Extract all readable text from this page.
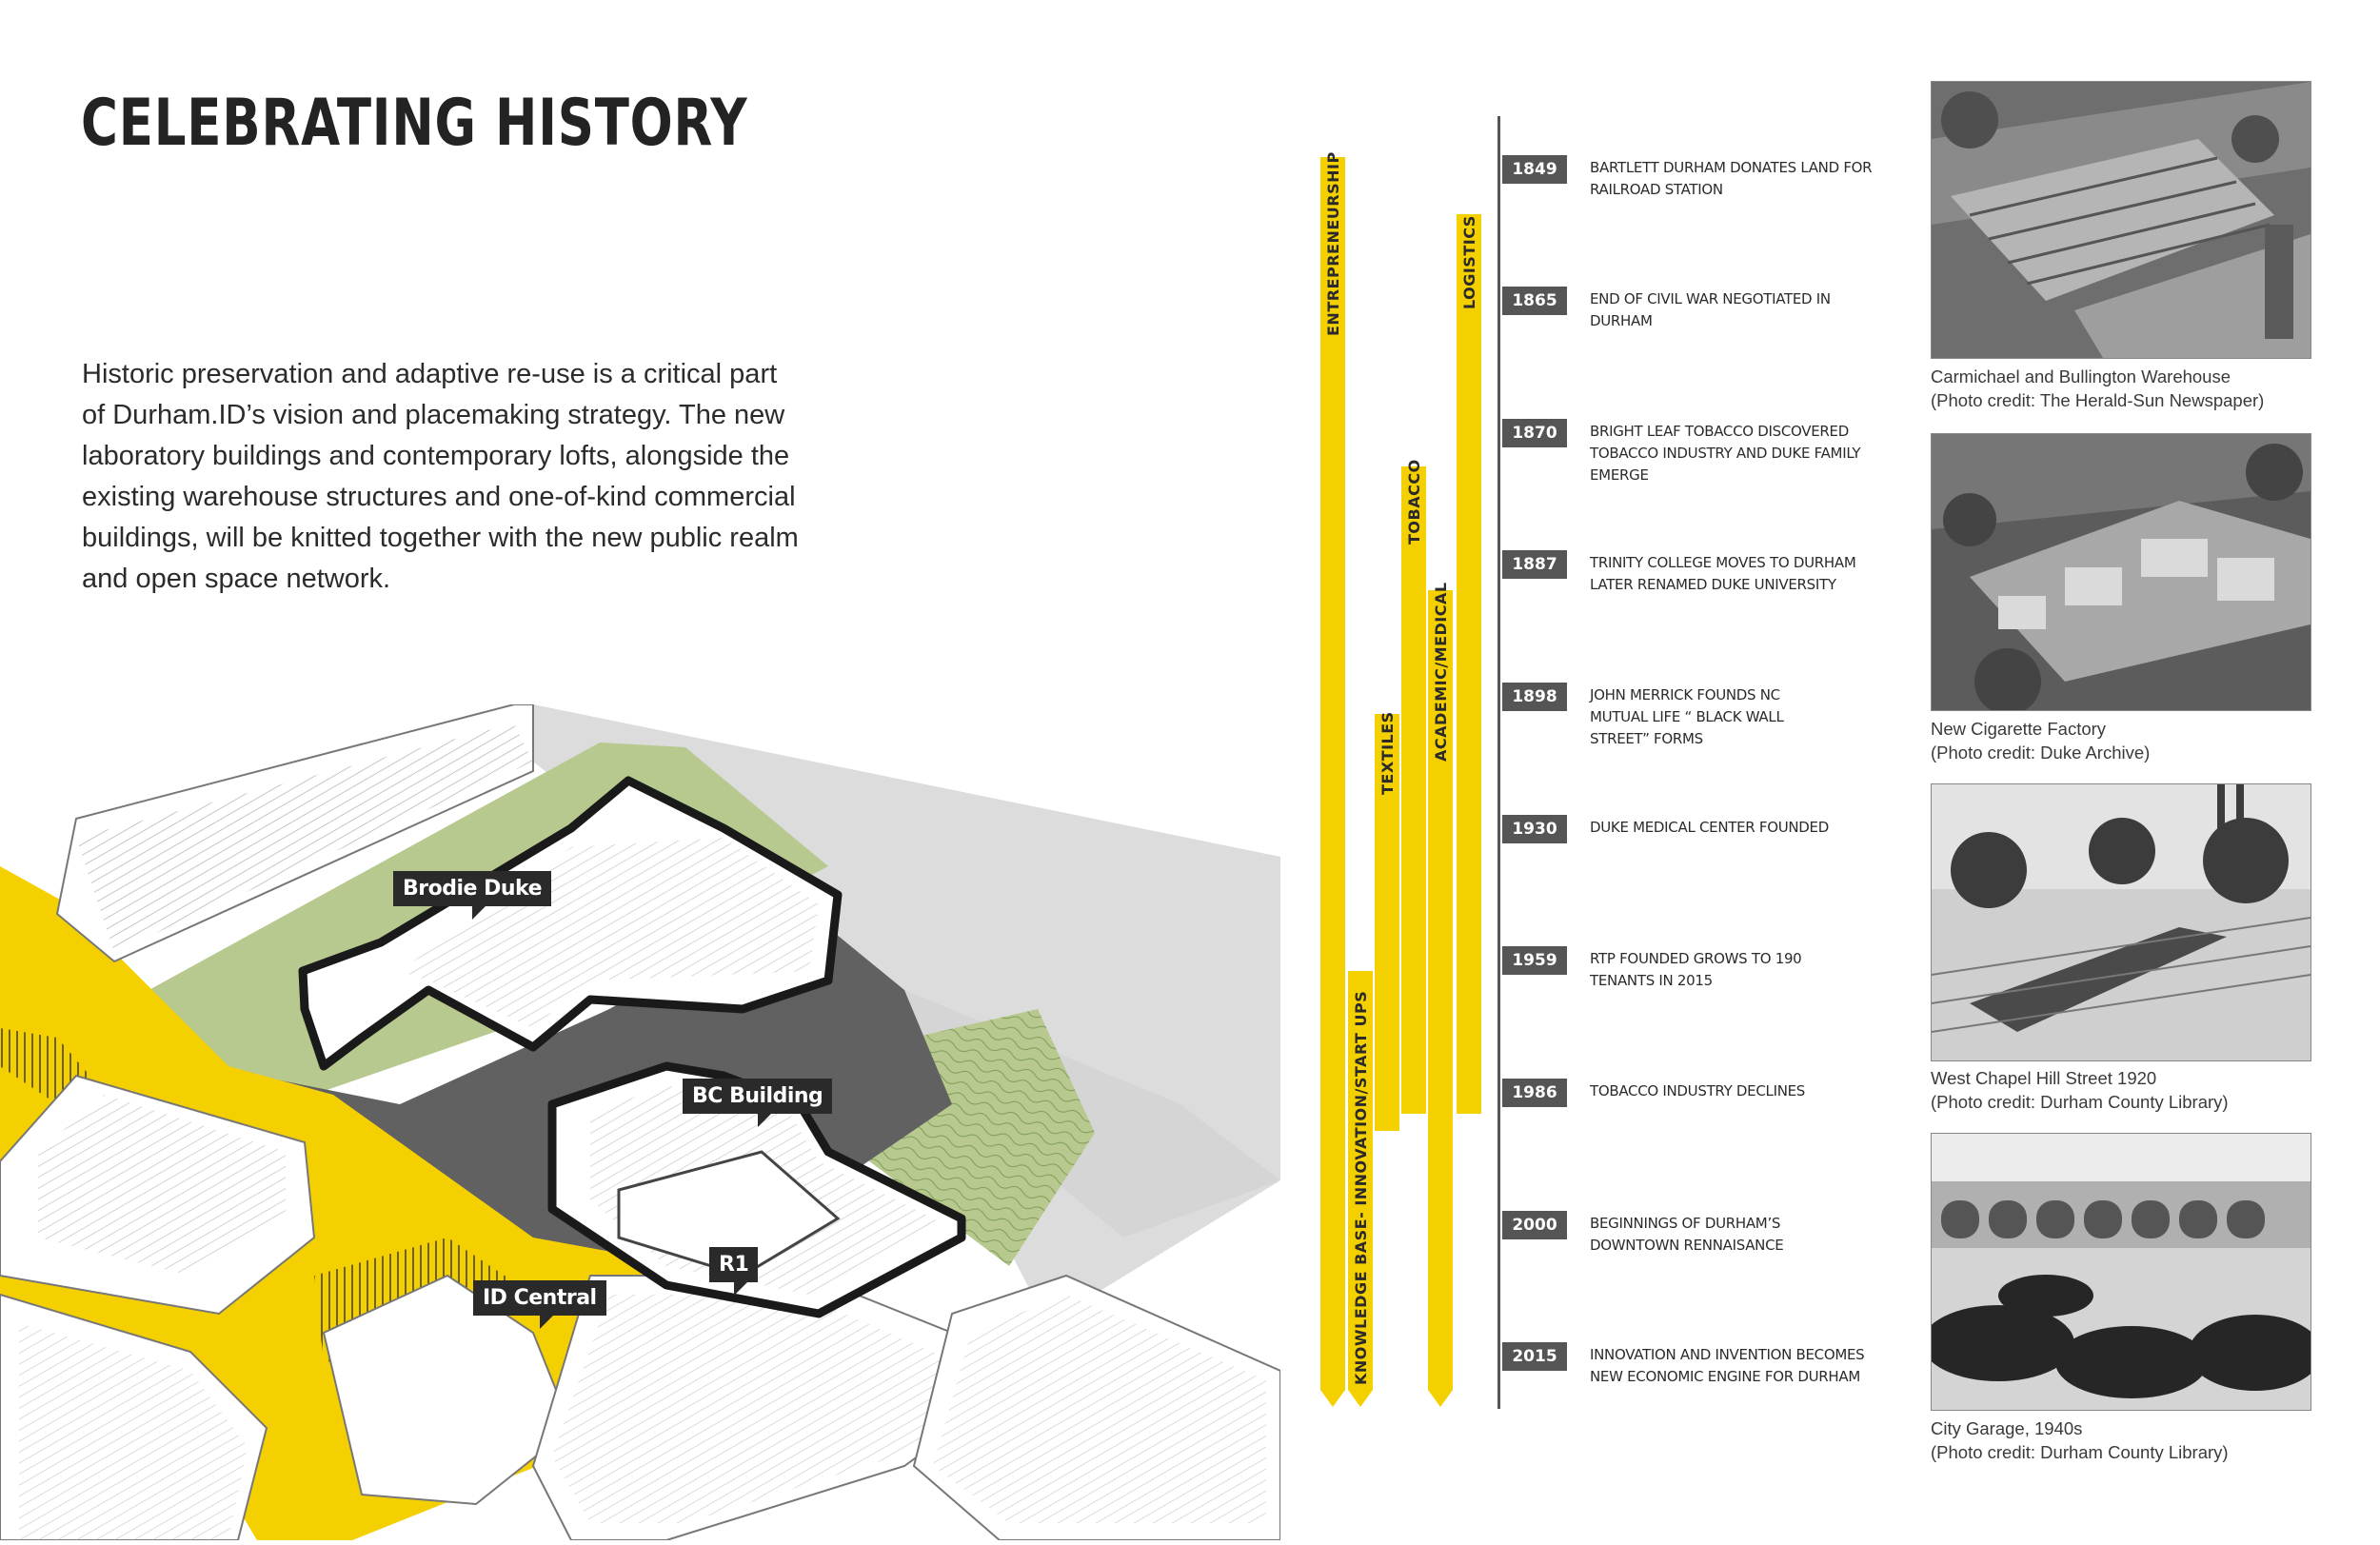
CELEBRATING HISTORY

Historic preservation and adaptive re-use is a critical part of Durham.ID’s vision and placemaking strategy. The new laboratory buildings and contemporary lofts, alongside the existing warehouse structures and one-of-kind commercial buildings, will be knitted together with the new public realm and open space network.

Brodie Duke
BC Building
R1
ID Central
ENTREPRENEURSHIP
KNOWLEDGE BASE- INNOVATION/START UPS
TEXTILES
TOBACCO
ACADEMIC/MEDICAL
LOGISTICS
1849	BARTLETT DURHAM DONATES LAND FOR RAILROAD STATION
1865	END OF CIVIL WAR NEGOTIATED IN DURHAM
1870	BRIGHT LEAF TOBACCO DISCOVERED TOBACCO INDUSTRY AND DUKE FAMILY EMERGE
1887	TRINITY COLLEGE MOVES TO DURHAM LATER RENAMED DUKE UNIVERSITY
1898	JOHN MERRICK FOUNDS NC MUTUAL LIFE “ BLACK WALL STREET” FORMS
1930	DUKE MEDICAL CENTER FOUNDED
1959	RTP FOUNDED GROWS TO 190 TENANTS IN 2015
1986	TOBACCO INDUSTRY DECLINES
2000	BEGINNINGS OF DURHAM’S DOWNTOWN RENNAISANCE
2015	INNOVATION AND INVENTION BECOMES NEW ECONOMIC ENGINE FOR DURHAM
Carmichael and Bullington Warehouse
(Photo credit: The Herald-Sun Newspaper)
New Cigarette Factory
(Photo credit: Duke Archive)
West Chapel Hill Street 1920
(Photo credit: Durham County Library)
City Garage, 1940s
(Photo credit: Durham County Library)
